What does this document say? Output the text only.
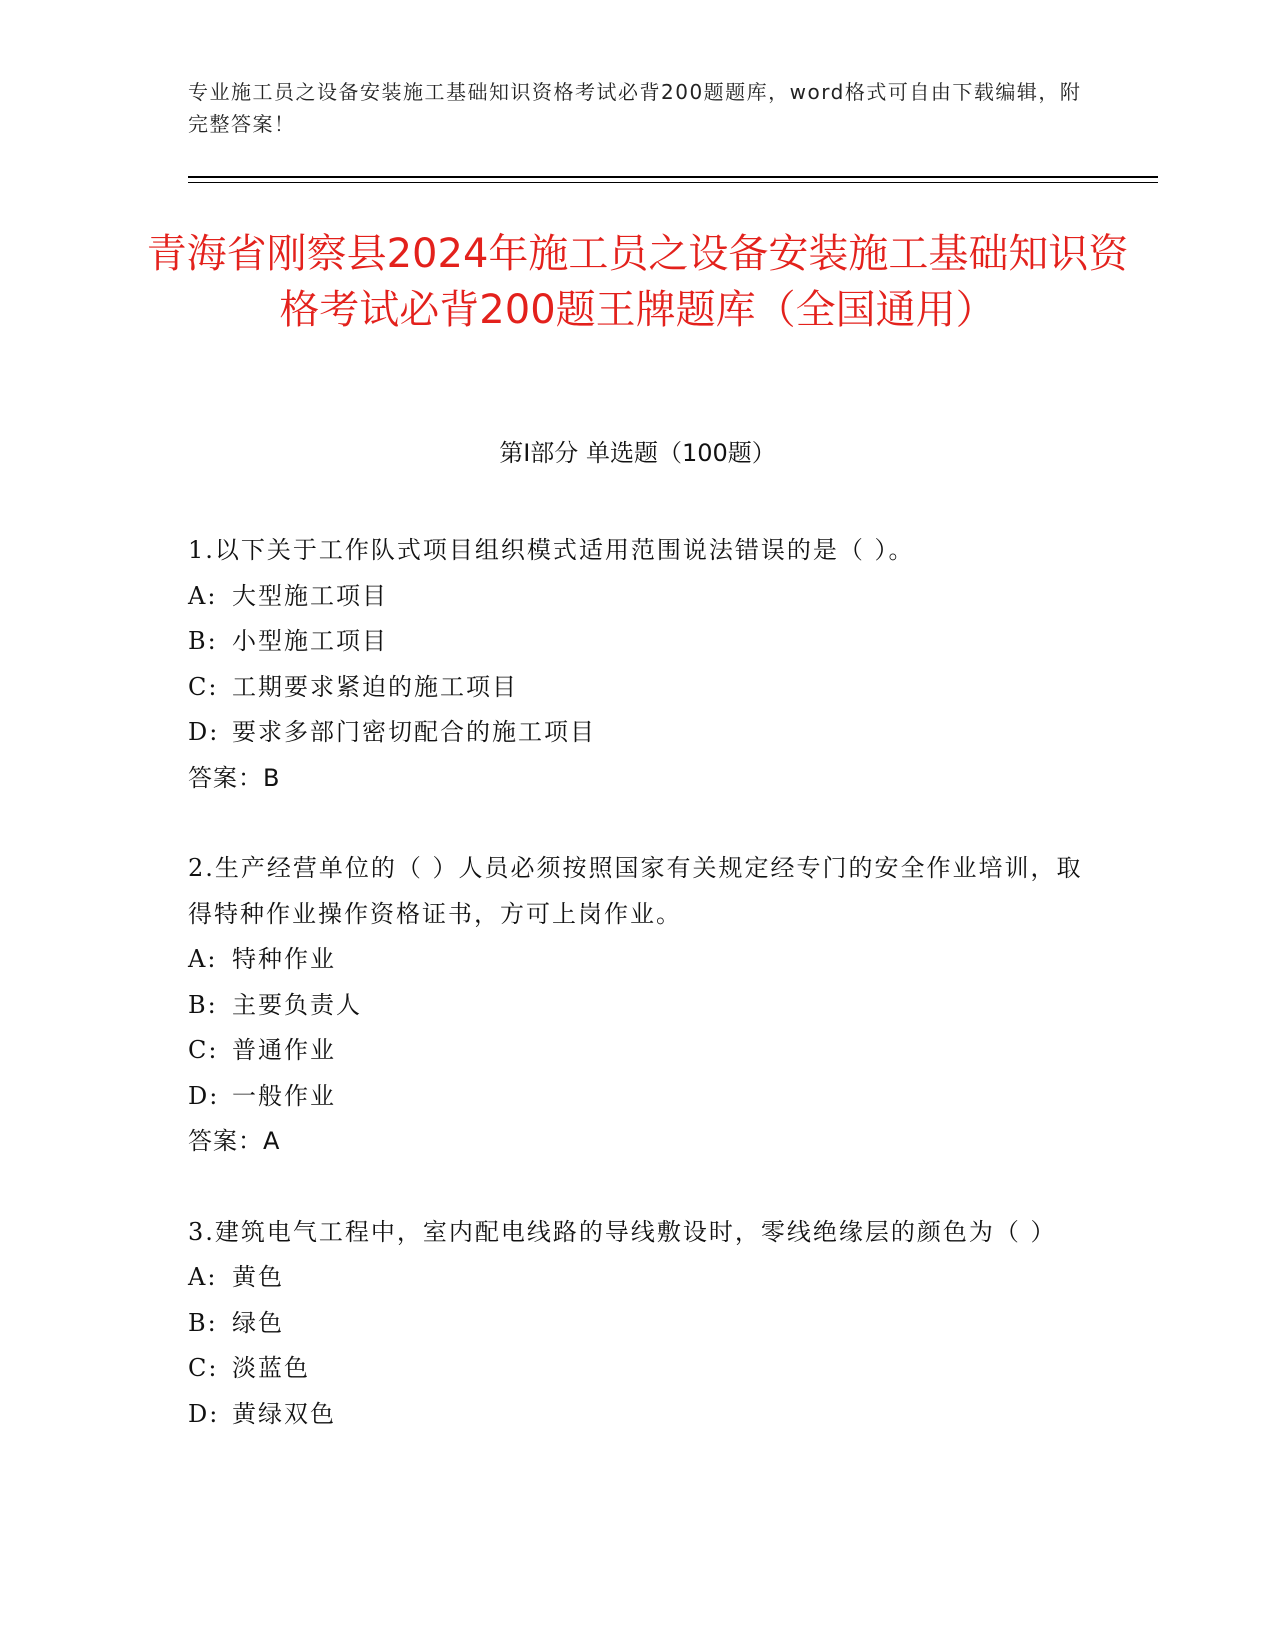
专业施工员之设备安装施工基础知识资格考试必背200题题库，word格式可自由下载编辑，附完整答案！
青海省刚察县2024年施工员之设备安装施工基础知识资格考试必背200题王牌题库（全国通用）
第I部分 单选题（100题）
1.以下关于工作队式项目组织模式适用范围说法错误的是（ ）。
A: 大型施工项目
B: 小型施工项目
C: 工期要求紧迫的施工项目
D: 要求多部门密切配合的施工项目
答案：B
2.生产经营单位的（ ）人员必须按照国家有关规定经专门的安全作业培训，取得特种作业操作资格证书，方可上岗作业。
A: 特种作业
B: 主要负责人
C: 普通作业
D: 一般作业
答案：A
3.建筑电气工程中，室内配电线路的导线敷设时，零线绝缘层的颜色为（ ）
A: 黄色
B: 绿色
C: 淡蓝色
D: 黄绿双色
